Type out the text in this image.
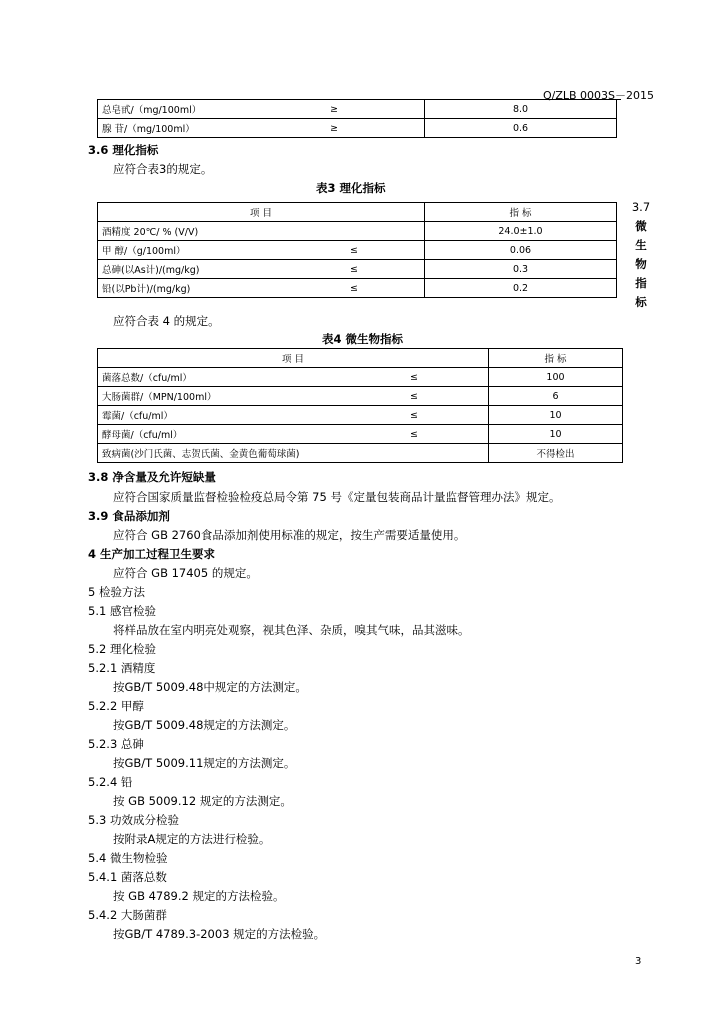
Q/ZLB 0003S－2015
总皂甙/（mg/100ml）	≥	8.0
腺 苷/（mg/100ml）	≥	0.6
3.6 理化指标
应符合表3的规定。
表3 理化指标
项 目		指 标
酒精度 20℃/ % (V/V)		24.0±1.0
甲 醇/（g/100ml）	≤	0.06
总砷(以As计)/(mg/kg)	≤	0.3
铅(以Pb计)/(mg/kg)	≤	0.2
3.7
微
生
物
指
标
应符合表 4 的规定。
表4 微生物指标
项 目		指 标
菌落总数/（cfu/ml）	≤	100
大肠菌群/（MPN/100ml）	≤	6
霉菌/（cfu/ml）	≤	10
酵母菌/（cfu/ml）	≤	10
致病菌(沙门氏菌、志贺氏菌、金黄色葡萄球菌)		不得检出
3.8 净含量及允许短缺量
应符合国家质量监督检验检疫总局令第 75 号《定量包装商品计量监督管理办法》规定。
3.9 食品添加剂
应符合 GB 2760食品添加剂使用标准的规定，按生产需要适量使用。
4 生产加工过程卫生要求
应符合 GB 17405 的规定。
5 检验方法
5.1 感官检验
将样品放在室内明亮处观察，视其色泽、杂质，嗅其气味，品其滋味。
5.2 理化检验
5.2.1 酒精度
按GB/T 5009.48中规定的方法测定。
5.2.2 甲醇
按GB/T 5009.48规定的方法测定。
5.2.3 总砷
按GB/T 5009.11规定的方法测定。
5.2.4 铅
按 GB 5009.12 规定的方法测定。
5.3 功效成分检验
按附录A规定的方法进行检验。
5.4 微生物检验
5.4.1 菌落总数
按 GB 4789.2 规定的方法检验。
5.4.2 大肠菌群
按GB/T 4789.3-2003 规定的方法检验。
3
